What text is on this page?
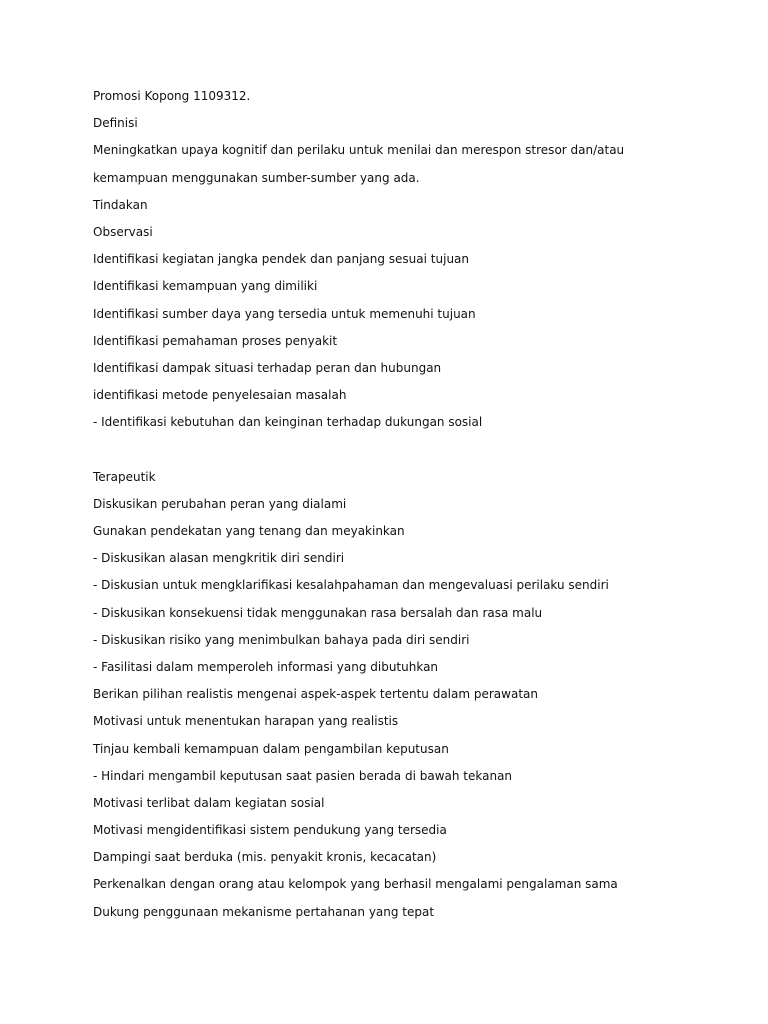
Promosi Kopong 1109312.
Definisi
Meningkatkan upaya kognitif dan perilaku untuk menilai dan merespon stresor dan/atau
kemampuan menggunakan sumber-sumber yang ada.
Tindakan
Observasi
Identifikasi kegiatan jangka pendek dan panjang sesuai tujuan
Identifikasi kemampuan yang dimiliki
Identifikasi sumber daya yang tersedia untuk memenuhi tujuan
Identifikasi pemahaman proses penyakit
Identifikasi dampak situasi terhadap peran dan hubungan
identifikasi metode penyelesaian masalah
- Identifikasi kebutuhan dan keinginan terhadap dukungan sosial
Terapeutik
Diskusikan perubahan peran yang dialami
Gunakan pendekatan yang tenang dan meyakinkan
- Diskusikan alasan mengkritik diri sendiri
- Diskusian untuk mengklarifikasi kesalahpahaman dan mengevaluasi perilaku sendiri
- Diskusikan konsekuensi tidak menggunakan rasa bersalah dan rasa malu
- Diskusikan risiko yang menimbulkan bahaya pada diri sendiri
- Fasilitasi dalam memperoleh informasi yang dibutuhkan
Berikan pilihan realistis mengenai aspek-aspek tertentu dalam perawatan
Motivasi untuk menentukan harapan yang realistis
Tinjau kembali kemampuan dalam pengambilan keputusan
- Hindari mengambil keputusan saat pasien berada di bawah tekanan
Motivasi terlibat dalam kegiatan sosial
Motivasi mengidentifikasi sistem pendukung yang tersedia
Dampingi saat berduka (mis. penyakit kronis, kecacatan)
Perkenalkan dengan orang atau kelompok yang berhasil mengalami pengalaman sama
Dukung penggunaan mekanisme pertahanan yang tepat
